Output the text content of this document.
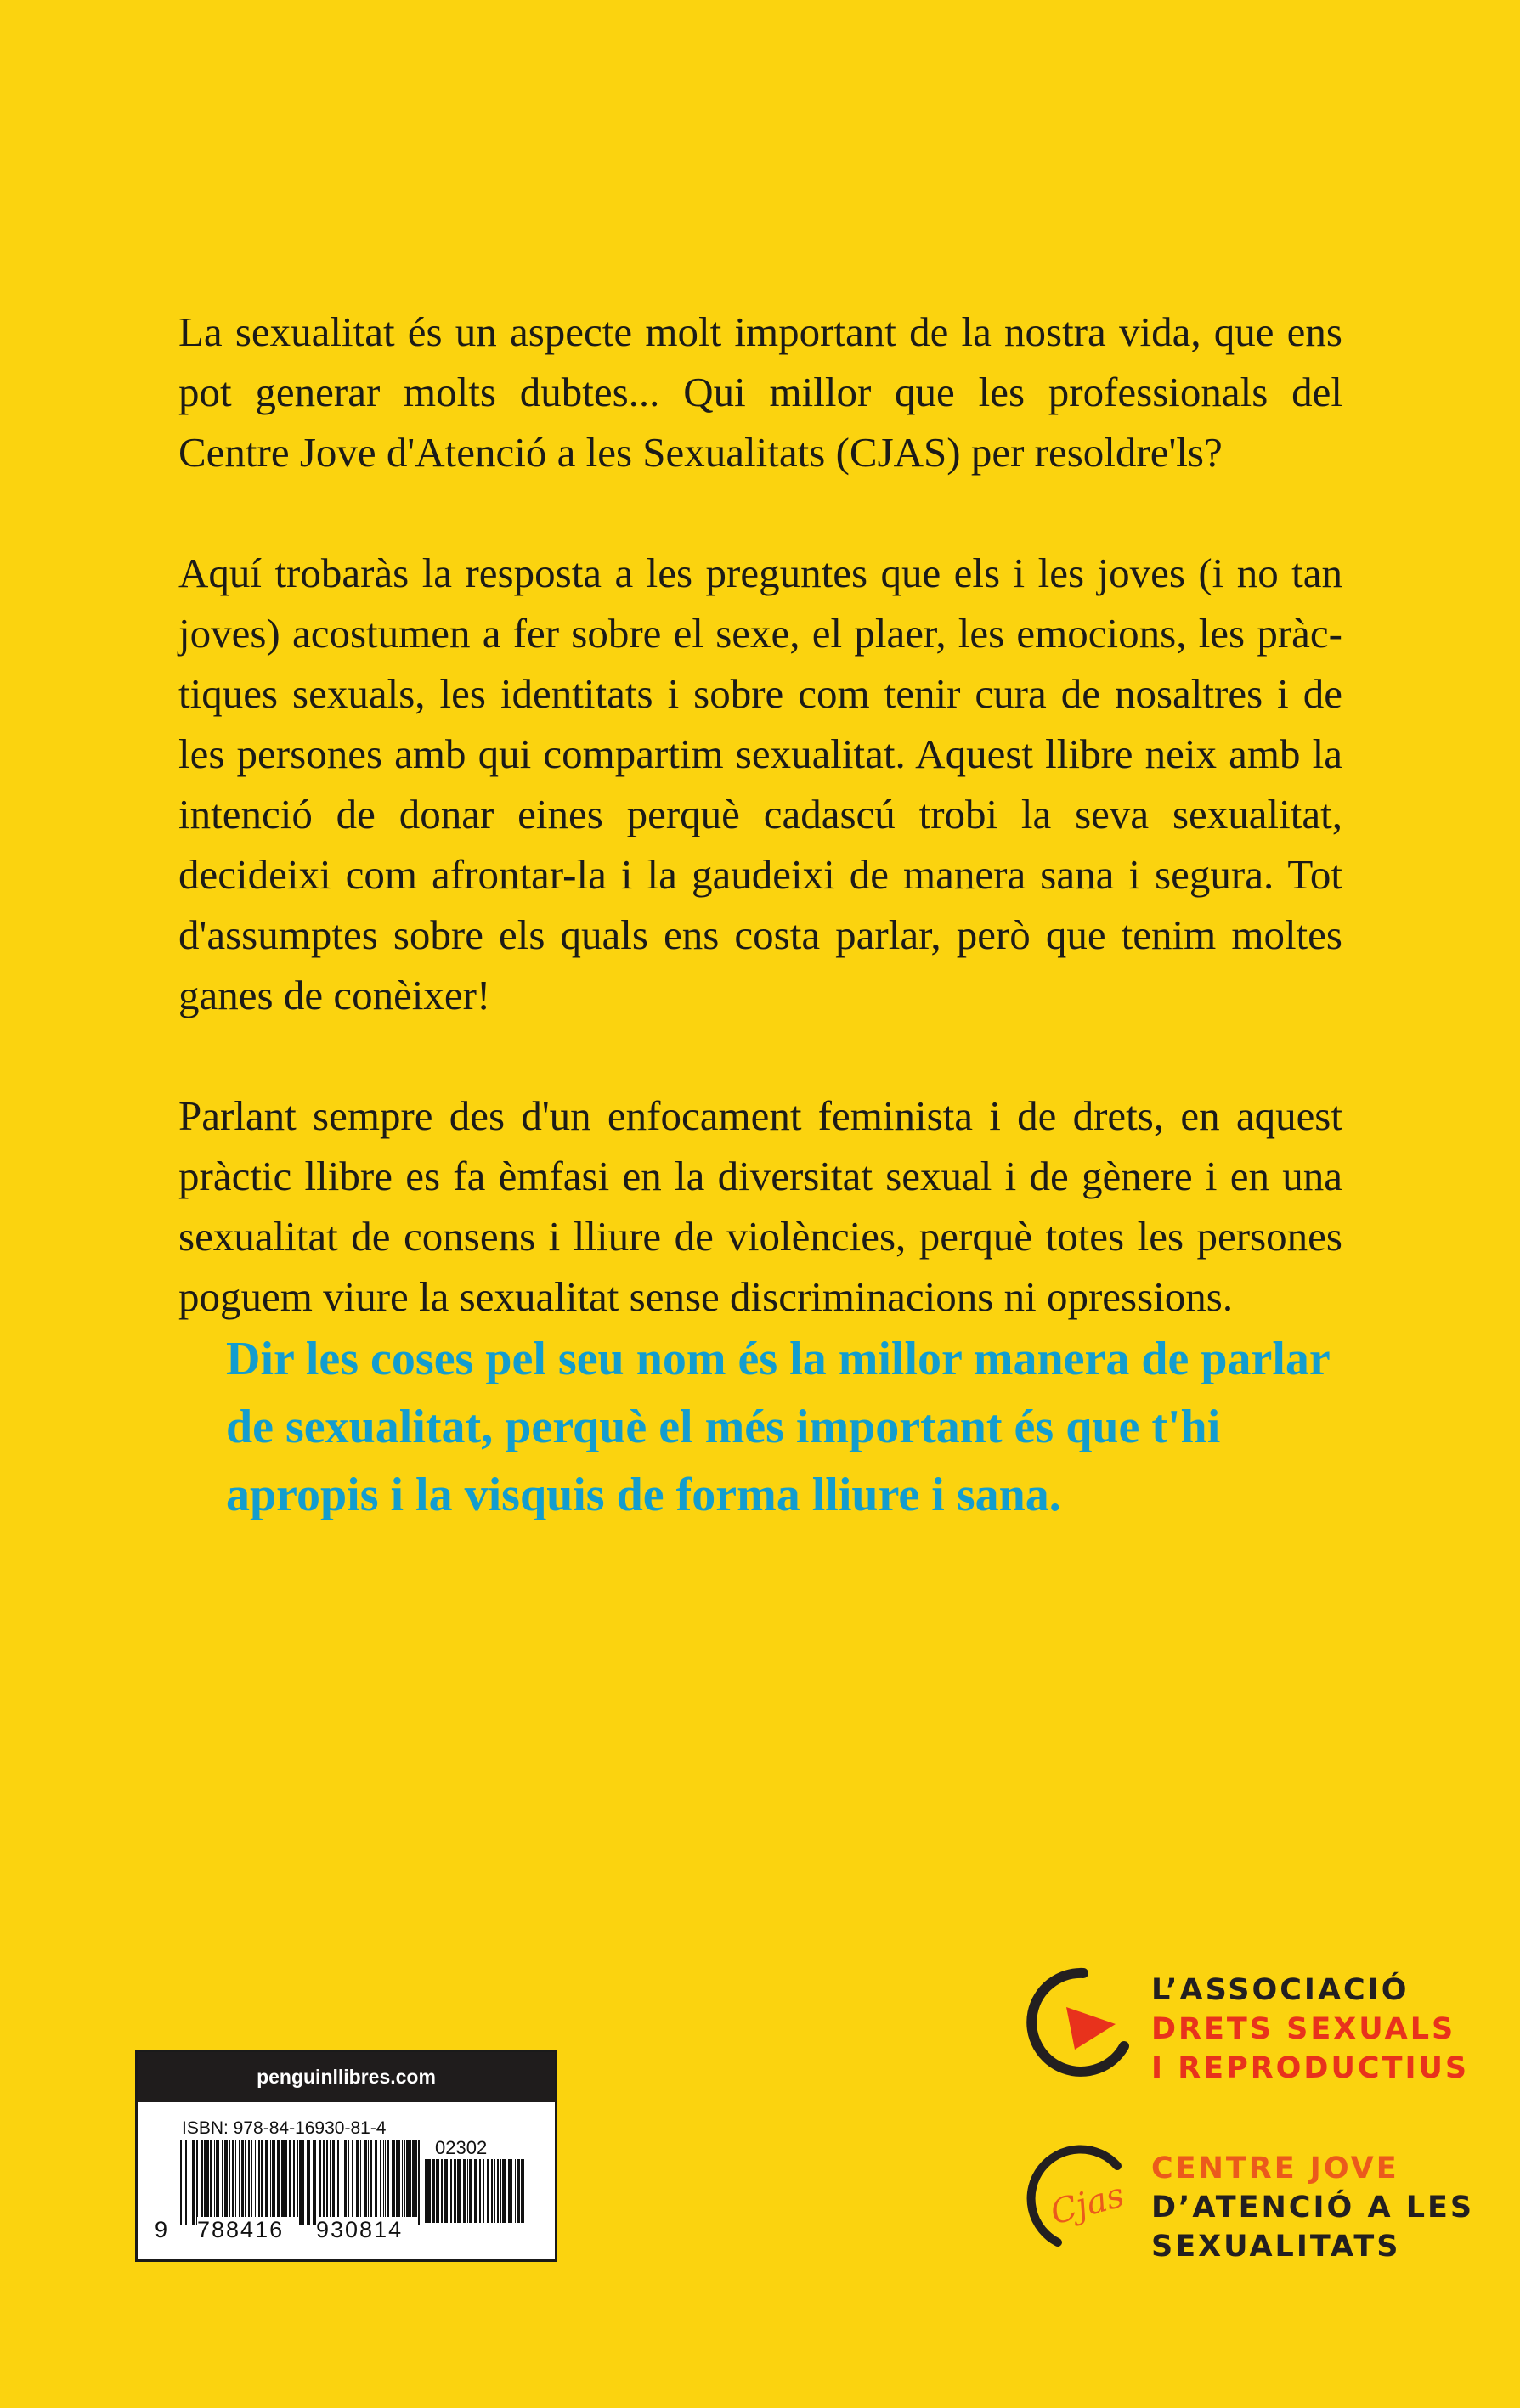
La sexualitat és un aspecte molt important de la nostra vida, que ens pot generar molts dubtes... Qui millor que les professionals del Centre Jove d'Atenció a les Sexualitats (CJAS) per resoldre'ls?

Aquí trobaràs la resposta a les preguntes que els i les joves (i no tan joves) acostumen a fer sobre el sexe, el plaer, les emocions, les pràctiques sexuals, les identitats i sobre com tenir cura de nosaltres i de les persones amb qui compartim sexualitat. Aquest llibre neix amb la intenció de donar eines perquè cadascú trobi la seva sexualitat, decideixi com afrontar-la i la gaudeixi de manera sana i segura. Tot d'assumptes sobre els quals ens costa parlar, però que tenim moltes ganes de conèixer!

Parlant sempre des d'un enfocament feminista i de drets, en aquest pràctic llibre es fa èmfasi en la diversitat sexual i de gènere i en una sexualitat de consens i lliure de violències, perquè totes les persones poguem viure la sexualitat sense discriminacions ni opressions.

Dir les coses pel seu nom és la millor manera de parlar de sexualitat, perquè el més important és que t'hi apropis i la visquis de forma lliure i sana.
penguinllibres.com
ISBN: 978-84-16930-81-4
02302
9 788416	930814
L’ASSOCIACIÓ
DRETS SEXUALS
I REPRODUCTIUS
Cjas
CENTRE JOVE
D’ATENCIÓ A LES
SEXUALITATS
